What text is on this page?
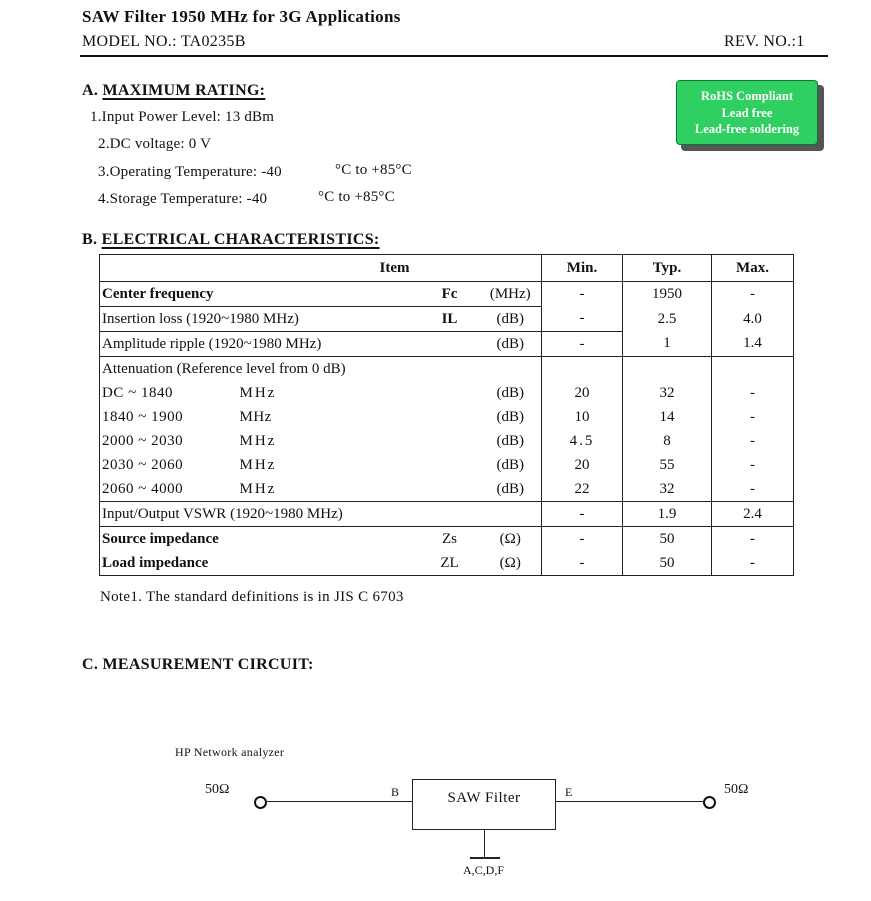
SAW Filter 1950 MHz for 3G Applications
MODEL NO.: TA0235B	REV. NO.:1
RoHS Compliant
Lead free
Lead-free soldering
A. MAXIMUM RATING:
1.Input Power Level: 13 dBm
2.DC voltage: 0 V
3.Operating Temperature: -40	°C to +85°C
4.Storage Temperature: -40	°C to +85°C
B. ELECTRICAL CHARACTERISTICS:
Item			Min.	Typ.	Max.
Center frequency	Fc	(MHz)	-	1950	-
Insertion loss (1920~1980 MHz)	IL	(dB)	-	2.5	4.0
Amplitude ripple (1920~1980 MHz)		(dB)	-	1	1.4
Attenuation (Reference level from 0 dB)					
DC ~ 1840 MHz		(dB)	20	32	-
1840 ~ 1900 MHz		(dB)	10	14	-
2000 ~ 2030 MHz		(dB)	4.5	8	-
2030 ~ 2060 MHz		(dB)	20	55	-
2060 ~ 4000 MHz		(dB)	22	32	-
Input/Output VSWR (1920~1980 MHz)			-	1.9	2.4
Source impedance	Zs	(Ω)	-	50	-
Load impedance	ZL	(Ω)	-	50	-
Note1. The standard definitions is in JIS C 6703
C. MEASUREMENT CIRCUIT:
HP Network analyzer
50Ω	50Ω
B	E
SAW Filter
A,C,D,F
